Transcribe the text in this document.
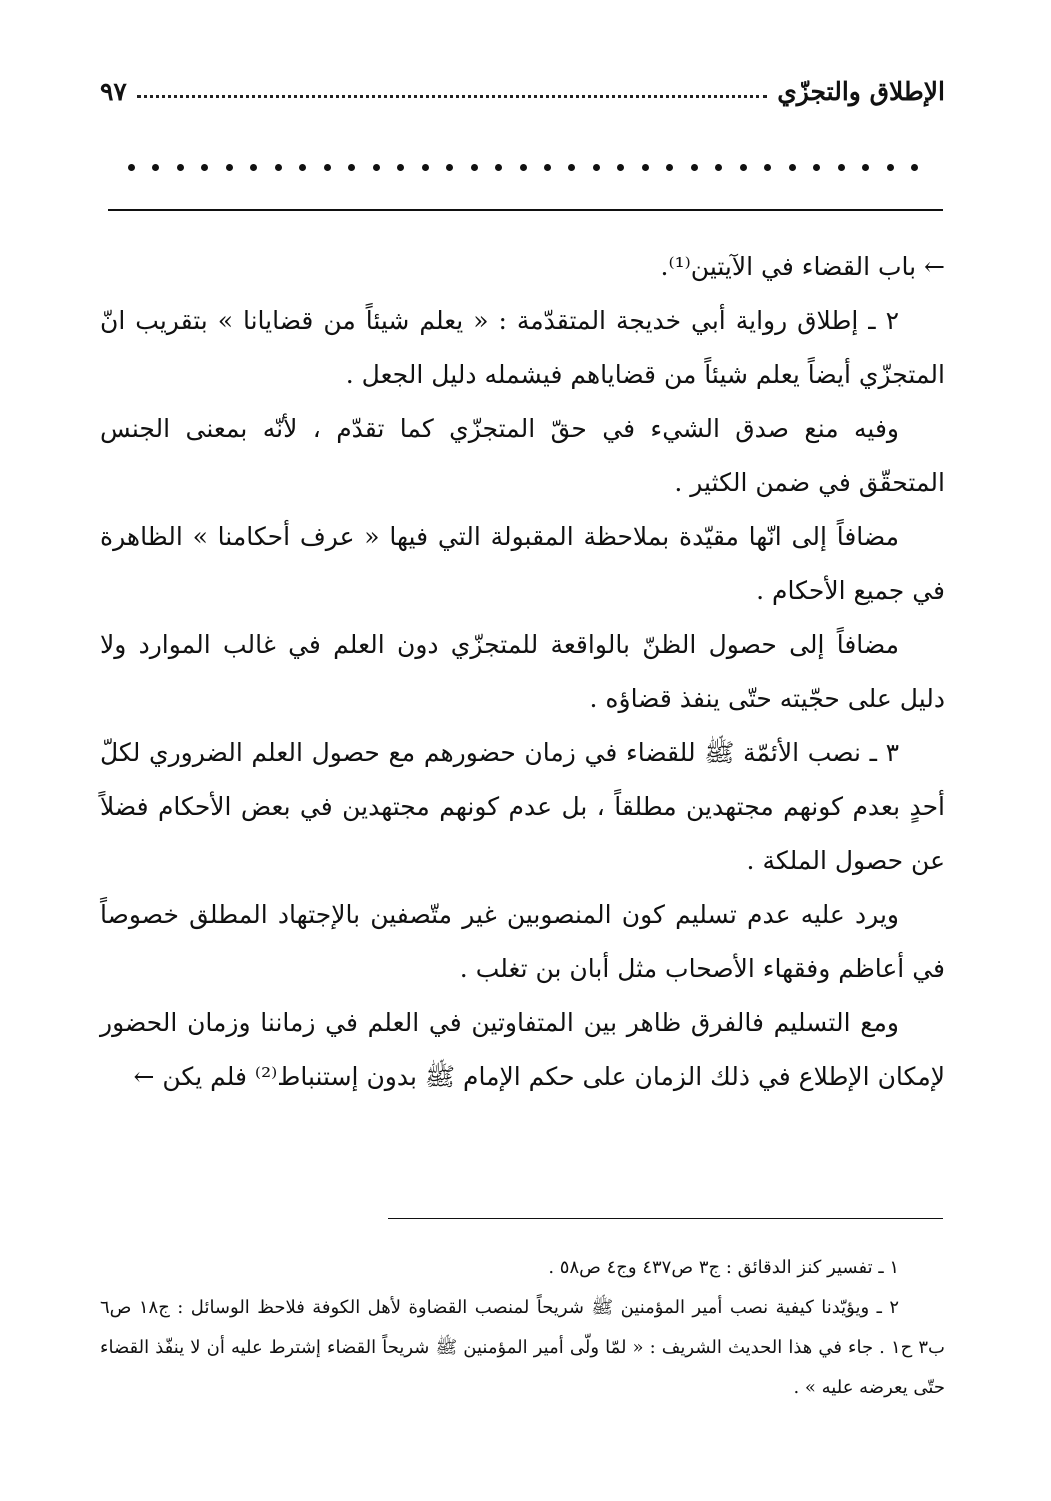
الإطلاق والتجزّي
٩٧

← باب القضاء في الآيتين⁽¹⁾.

٢ ـ إطلاق رواية أبي خديجة المتقدّمة : « يعلم شيئاً من قضايانا » بتقريب انّ المتجزّي أيضاً يعلم شيئاً من قضاياهم فيشمله دليل الجعل .

وفيه منع صدق الشيء في حقّ المتجزّي كما تقدّم ، لأنّه بمعنى الجنس المتحقّق في ضمن الكثير .

مضافاً إلى انّها مقيّدة بملاحظة المقبولة التي فيها « عرف أحكامنا » الظاهرة في جميع الأحكام .

مضافاً إلى حصول الظنّ بالواقعة للمتجزّي دون العلم في غالب الموارد ولا دليل على حجّيته حتّى ينفذ قضاؤه .

٣ ـ نصب الأئمّة ﷺ للقضاء في زمان حضورهم مع حصول العلم الضروري لكلّ أحدٍ بعدم كونهم مجتهدين مطلقاً ، بل عدم كونهم مجتهدين في بعض الأحكام فضلاً عن حصول الملكة .

ويرد عليه عدم تسليم كون المنصوبين غير متّصفين بالإجتهاد المطلق خصوصاً في أعاظم وفقهاء الأصحاب مثل أبان بن تغلب .

ومع التسليم فالفرق ظاهر بين المتفاوتين في العلم في زماننا وزمان الحضور لإمكان الإطلاع في ذلك الزمان على حكم الإمام ﷺ بدون إستنباط⁽²⁾ فلم يكن ←

١ ـ تفسير كنز الدقائق : ج٣ ص٤٣٧ وج٤ ص٥٨ .

٢ ـ ويؤيّدنا كيفية نصب أمير المؤمنين ﷺ شريحاً لمنصب القضاوة لأهل الكوفة فلاحظ الوسائل : ج١٨ ص٦ ب٣ ح١ . جاء في هذا الحديث الشريف : « لمّا ولّى أمير المؤمنين ﷺ شريحاً القضاء إشترط عليه أن لا ينفّذ القضاء حتّى يعرضه عليه » .
